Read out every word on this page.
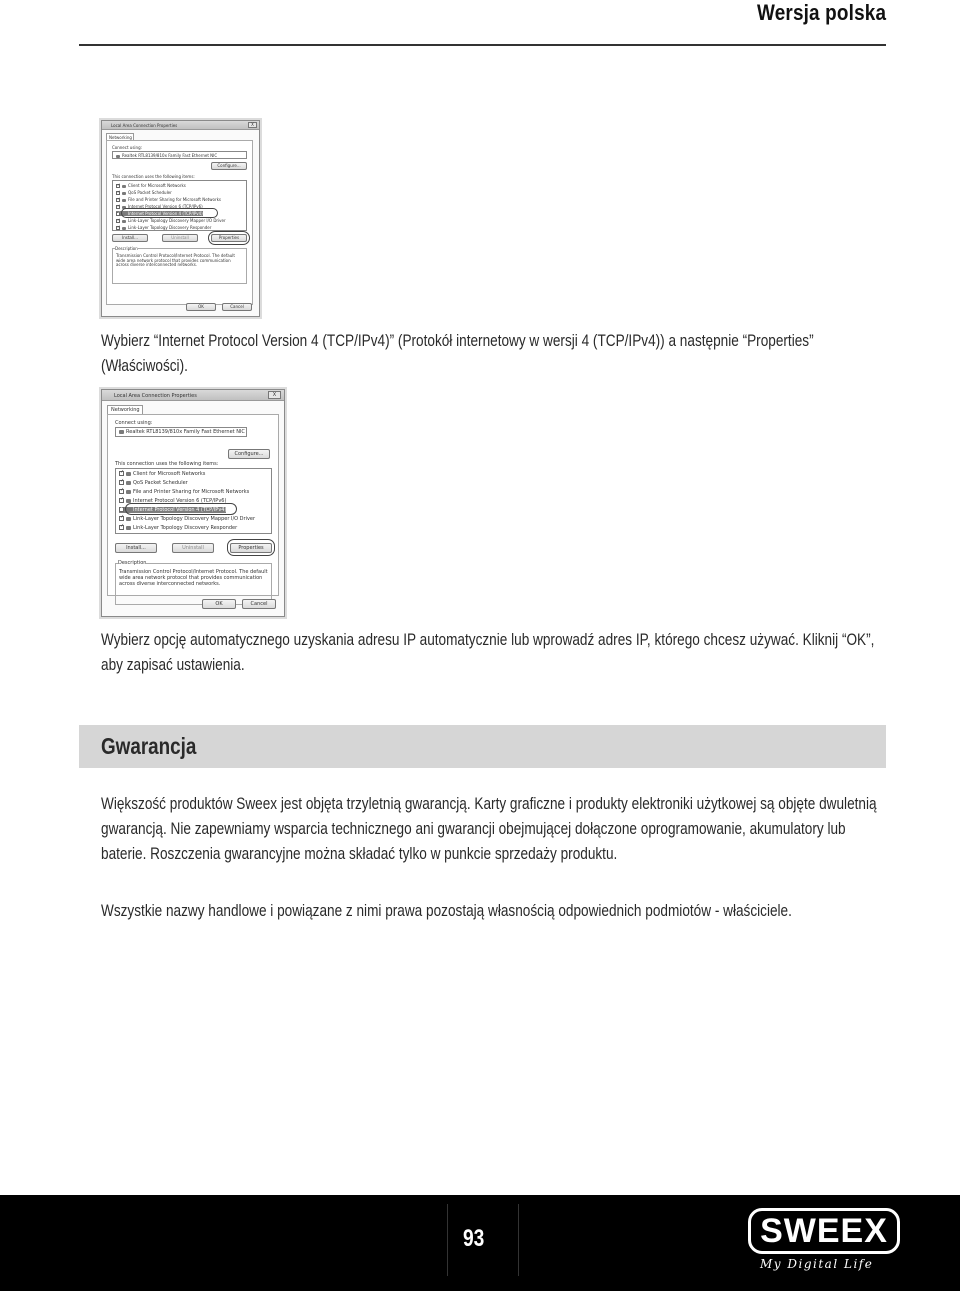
Wersja polska
Local Area Connection Properties	X
Networking
Connect using:
Realtek RTL8139/810x Family Fast Ethernet NIC
Configure...
This connection uses the following items:
✓Client for Microsoft Networks
✓QoS Packet Scheduler
✓File and Printer Sharing for Microsoft Networks
✓Internet Protocol Version 6 (TCP/IPv6)
✓Internet Protocol Version 4 (TCP/IPv4)
✓Link-Layer Topology Discovery Mapper I/O Driver
✓Link-Layer Topology Discovery Responder
Install...	Uninstall	Properties
Description
Transmission Control Protocol/Internet Protocol. The default wide area network protocol that provides communication across diverse interconnected networks.
OK	Cancel
Wybierz “Internet Protocol Version 4 (TCP/IPv4)” (Protokół internetowy w wersji 4 (TCP/IPv4)) a następnie “Properties” (Właściwości).
Local Area Connection Properties	X
Networking
Connect using:
Realtek RTL8139/810x Family Fast Ethernet NIC
Configure...
This connection uses the following items:
✓Client for Microsoft Networks
✓QoS Packet Scheduler
✓File and Printer Sharing for Microsoft Networks
✓Internet Protocol Version 6 (TCP/IPv6)
✓Internet Protocol Version 4 (TCP/IPv4)
✓Link-Layer Topology Discovery Mapper I/O Driver
✓Link-Layer Topology Discovery Responder
Install...	Uninstall	Properties
Description
Transmission Control Protocol/Internet Protocol. The default wide area network protocol that provides communication across diverse interconnected networks.
OK	Cancel
Wybierz opcję automatycznego uzyskania adresu IP automatycznie lub wprowadź adres IP, którego chcesz używać. Kliknij “OK”, aby zapisać ustawienia.
Gwarancja
Większość produktów Sweex jest objęta trzyletnią gwarancją. Karty graficzne i produkty elektroniki użytkowej są objęte dwuletnią gwarancją. Nie zapewniamy wsparcia technicznego ani gwarancji obejmującej dołączone oprogramowanie, akumulatory lub baterie. Roszczenia gwarancyjne można składać tylko w punkcie sprzedaży produktu.
Wszystkie nazwy handlowe i powiązane z nimi prawa pozostają własnością odpowiednich podmiotów - właściciele.
93	SWEEX
My Digital Life
